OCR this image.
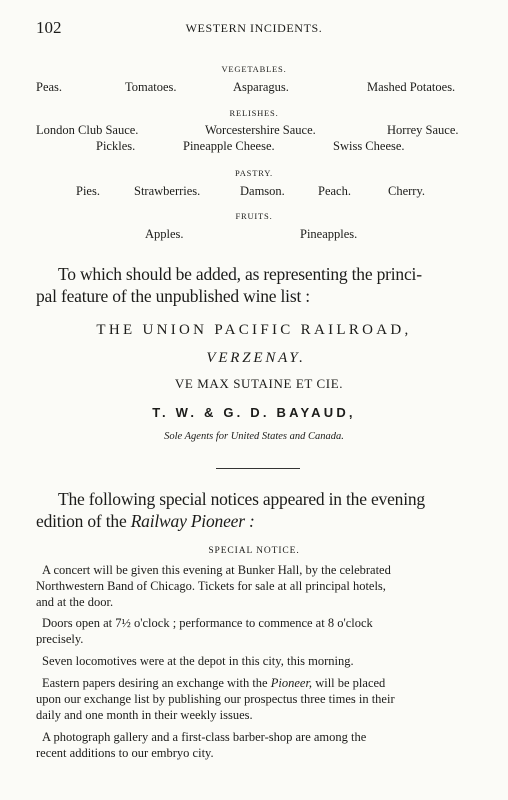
102	WESTERN INCIDENTS.
VEGETABLES.
Peas.	Tomatoes.	Asparagus.	Mashed Potatoes.
RELISHES.
London Club Sauce.	Worcestershire Sauce.	Horrey Sauce.
Pickles.	Pineapple Cheese.	Swiss Cheese.
PASTRY.
Pies.	Strawberries.	Damson.	Peach.	Cherry.
FRUITS.
Apples.	Pineapples.
To which should be added, as representing the princi-
pal feature of the unpublished wine list :
THE UNION PACIFIC RAILROAD,
VERZENAY.
VE MAX SUTAINE ET CIE.
T. W. & G. D. BAYAUD,
Sole Agents for United States and Canada.
The following special notices appeared in the evening
edition of the Railway Pioneer :
SPECIAL NOTICE.
A concert will be given this evening at Bunker Hall, by the celebrated
Northwestern Band of Chicago. Tickets for sale at all principal hotels,
and at the door.
Doors open at 7½ o'clock ; performance to commence at 8 o'clock
precisely.
Seven locomotives were at the depot in this city, this morning.
Eastern papers desiring an exchange with the Pioneer, will be placed
upon our exchange list by publishing our prospectus three times in their
daily and one month in their weekly issues.
A photograph gallery and a first-class barber-shop are among the
recent additions to our embryo city.
